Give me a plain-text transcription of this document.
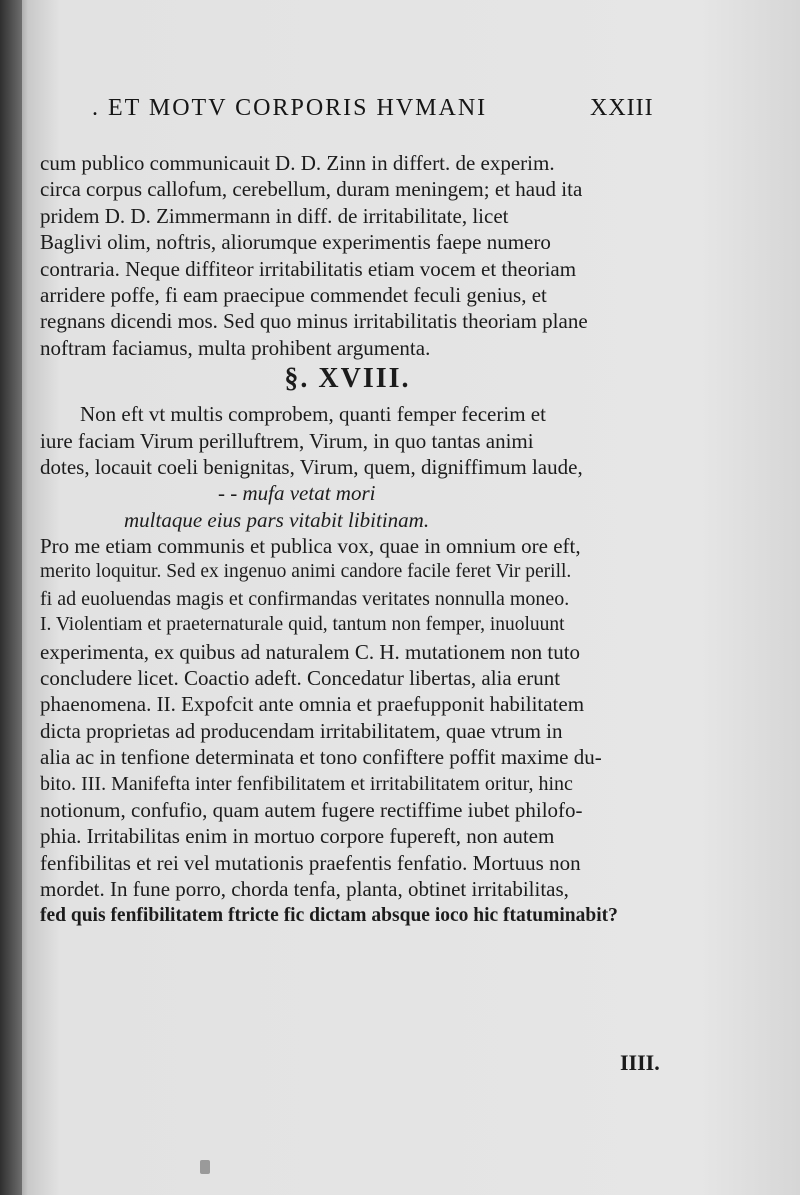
. ET MOTV CORPORIS HVMANI	XXIII
cum publico communicauit D. D. Zinn in differt. de experim.
circa corpus callofum, cerebellum, duram meningem; et haud ita
pridem D. D. Zimmermann in diff. de irritabilitate, licet
Baglivi olim, noftris, aliorumque experimentis faepe numero
contraria. Neque diffiteor irritabilitatis etiam vocem et theoriam
arridere poffe, fi eam praecipue commendet feculi genius, et
regnans dicendi mos. Sed quo minus irritabilitatis theoriam plane
noftram faciamus, multa prohibent argumenta.
§. XVIII.
Non eft vt multis comprobem, quanti femper fecerim et
iure faciam Virum perilluftrem, Virum, in quo tantas animi
dotes, locauit coeli benignitas, Virum, quem, digniffimum laude,
- - mufa vetat mori
multaque eius pars vitabit libitinam.
Pro me etiam communis et publica vox, quae in omnium ore eft,
merito loquitur. Sed ex ingenuo animi candore facile feret Vir perill.
fi ad euoluendas magis et confirmandas veritates nonnulla moneo.
I. Violentiam et praeternaturale quid, tantum non femper, inuoluunt
experimenta, ex quibus ad naturalem C. H. mutationem non tuto
concludere licet. Coactio adeft. Concedatur libertas, alia erunt
phaenomena. II. Expofcit ante omnia et praefupponit habilitatem
dicta proprietas ad producendam irritabilitatem, quae vtrum in
alia ac in tenfione determinata et tono confiftere poffit maxime du-
bito. III. Manifefta inter fenfibilitatem et irritabilitatem oritur, hinc
notionum, confufio, quam autem fugere rectiffime iubet philofo-
phia. Irritabilitas enim in mortuo corpore fupereft, non autem
fenfibilitas et rei vel mutationis praefentis fenfatio. Mortuus non
mordet. In fune porro, chorda tenfa, planta, obtinet irritabilitas,
fed quis fenfibilitatem ftricte fic dictam absque ioco hic ftatuminabit?
IIII.
